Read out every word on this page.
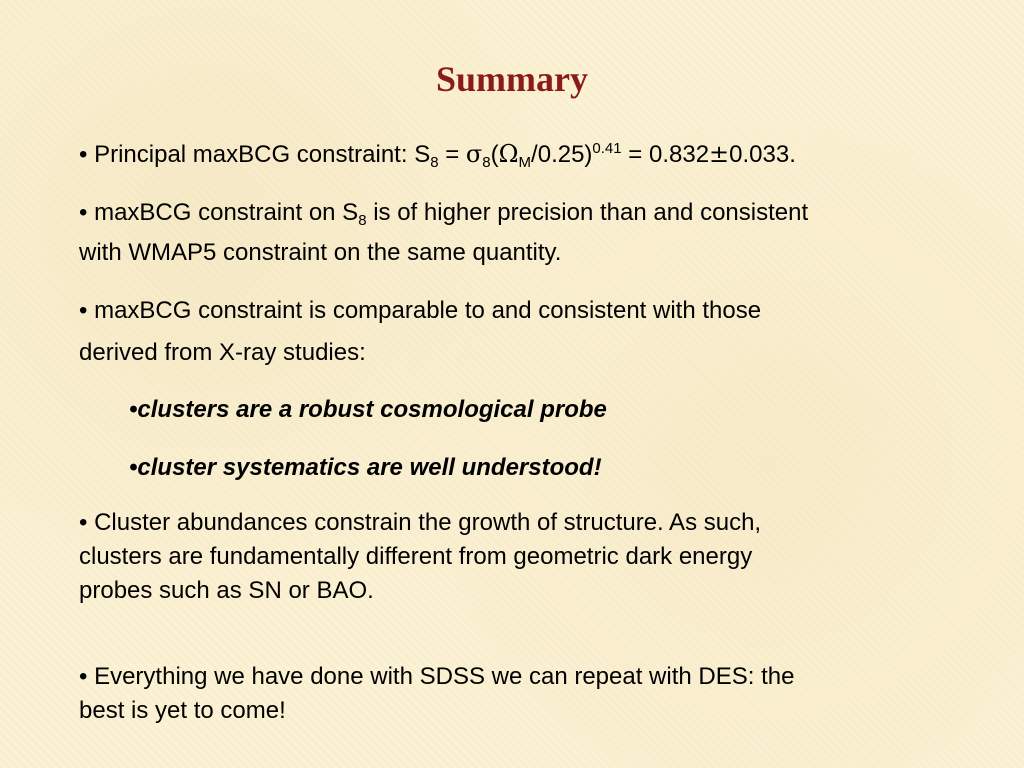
Summary
• Principal maxBCG constraint: $S_8 = \sigma_8(\Omega_M/0.25)^{0.41} = 0.832\pm 0.033$.
• maxBCG constraint on $S_8$ is of higher precision than and consistent
with WMAP5 constraint on the same quantity.
• maxBCG constraint is comparable to and consistent with those
derived from X-ray studies:
•clusters are a robust cosmological probe
•cluster systematics are well understood!
• Cluster abundances constrain the growth of structure. As such,
clusters are fundamentally different from geometric dark energy
probes such as SN or BAO.
• Everything we have done with SDSS we can repeat with DES: the
best is yet to come!
